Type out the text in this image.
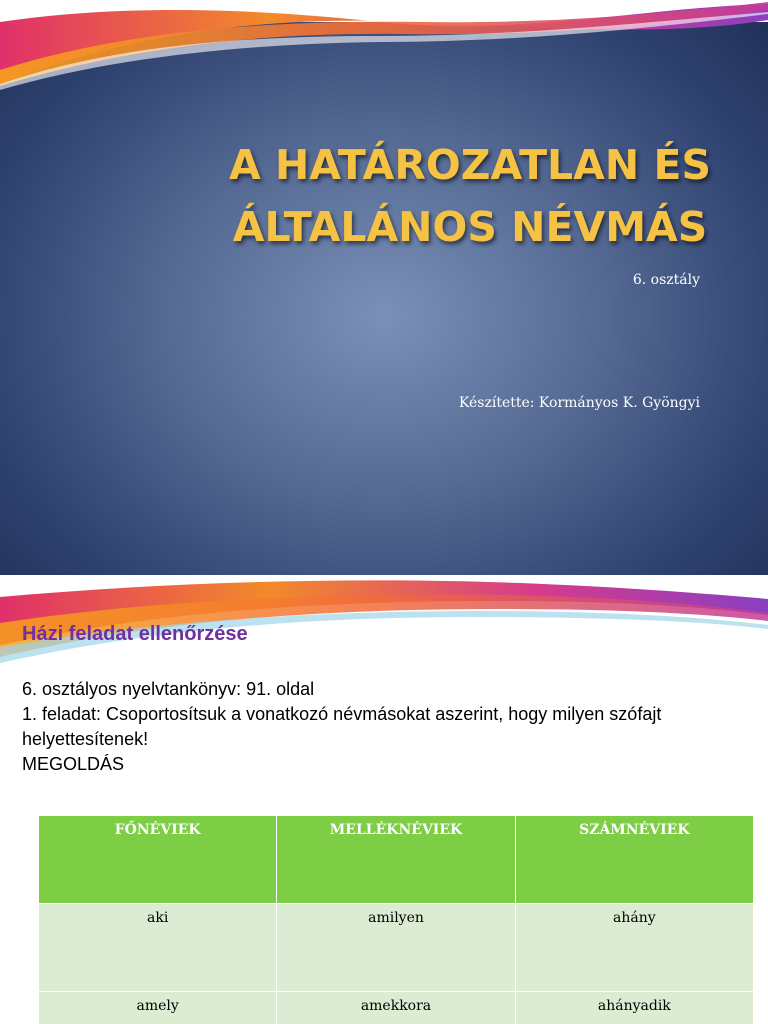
A HATÁROZATLAN ÉS
ÁLTALÁNOS NÉVMÁS
6. osztály
Készítette: Kormányos K. Gyöngyi
Házi feladat ellenőrzése
6. osztályos nyelvtankönyv: 91. oldal
1. feladat: Csoportosítsuk a vonatkozó névmásokat aszerint, hogy milyen szófajt helyettesítenek!
MEGOLDÁS
FŐNÉVIEK	MELLÉKNÉVIEK	SZÁMNÉVIEK
aki	amilyen	ahány
amely	amekkora	ahányadik
